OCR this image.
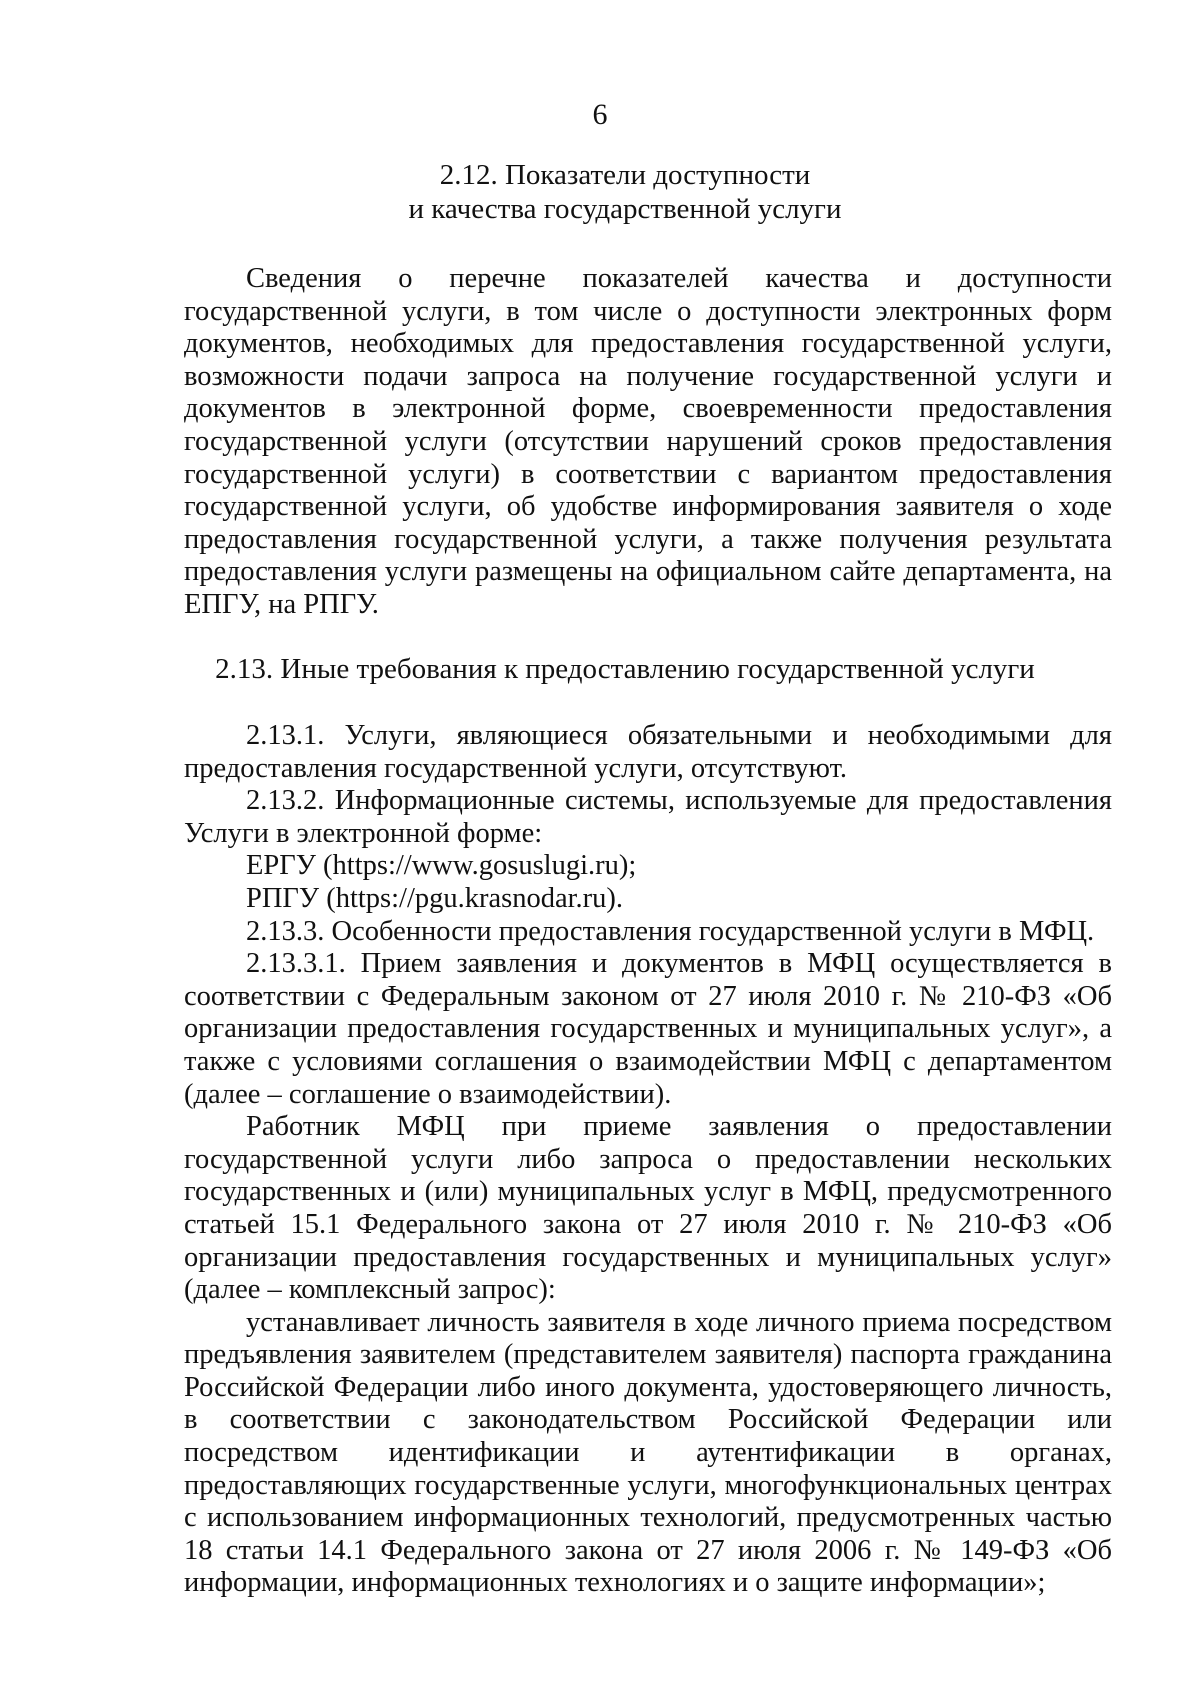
6
2.12. Показатели доступности
и качества государственной услуги

Сведения о перечне показателей качества и доступности государственной услуги, в том числе о доступности электронных форм документов, необходимых для предоставления государственной услуги, возможности подачи запроса на получение государственной услуги и документов в электронной форме, своевременности предоставления государственной услуги (отсутствии нарушений сроков предоставления государственной услуги) в соответствии с вариантом предоставления государственной услуги, об удобстве информирования заявителя о ходе предоставления государственной услуги, а также получения результата предоставления услуги размещены на официальном сайте департамента, на ЕПГУ, на РПГУ.

2.13. Иные требования к предоставлению государственной услуги

2.13.1. Услуги, являющиеся обязательными и необходимыми для предоставления государственной услуги, отсутствуют.

2.13.2. Информационные системы, используемые для предоставления Услуги в электронной форме:

ЕРГУ (https://www.gosuslugi.ru);

РПГУ (https://pgu.krasnodar.ru).

2.13.3. Особенности предоставления государственной услуги в МФЦ.

2.13.3.1. Прием заявления и документов в МФЦ осуществляется в соответствии с Федеральным законом от 27 июля 2010 г. № 210-ФЗ «Об организации предоставления государственных и муниципальных услуг», а также с условиями соглашения о взаимодействии МФЦ с департаментом (далее – соглашение о взаимодействии).

Работник МФЦ при приеме заявления о предоставлении государственной услуги либо запроса о предоставлении нескольких государственных и (или) муниципальных услуг в МФЦ, предусмотренного статьей 15.1 Федерального закона от 27 июля 2010 г. № 210-ФЗ «Об организации предоставления государственных и муниципальных услуг» (далее – комплексный запрос):

устанавливает личность заявителя в ходе личного приема посредством предъявления заявителем (представителем заявителя) паспорта гражданина Российской Федерации либо иного документа, удостоверяющего личность, в соответствии с законодательством Российской Федерации или посредством идентификации и аутентификации в органах, предоставляющих государственные услуги, многофункциональных центрах с использованием информационных технологий, предусмотренных частью 18 статьи 14.1 Федерального закона от 27 июля 2006 г. № 149-ФЗ «Об информации, информационных технологиях и о защите информации»;
